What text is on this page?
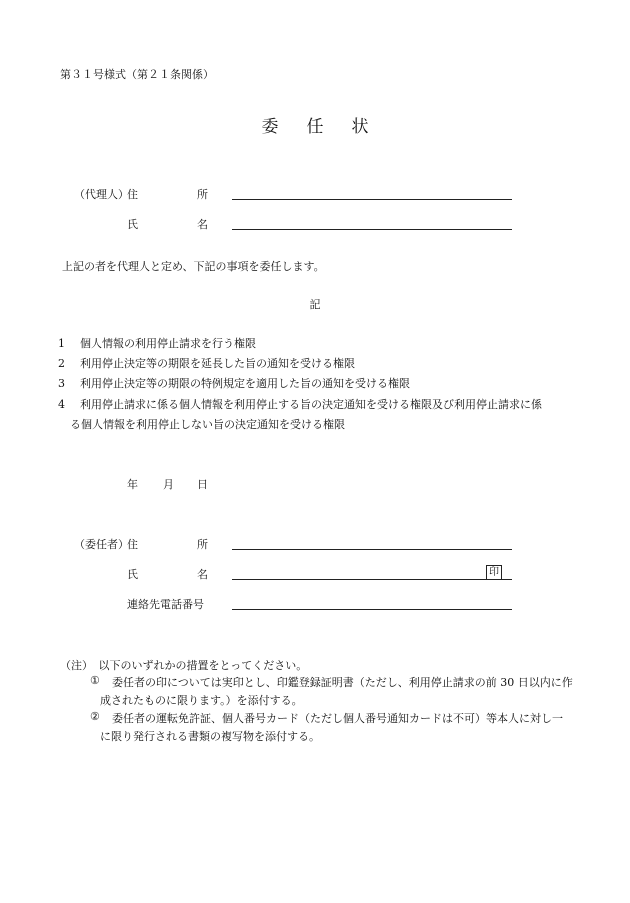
第３１号様式（第２１条関係）
委任状
（代理人）
住	所
氏	名
上記の者を代理人と定め、下記の事項を委任します。
記
1 個人情報の利用停止請求を行う権限
2 利用停止決定等の期限を延長した旨の通知を受ける権限
3 利用停止決定等の期限の特例規定を適用した旨の通知を受ける権限
4 利用停止請求に係る個人情報を利用停止する旨の決定通知を受ける権限及び利用停止請求に係
る個人情報を利用停止しない旨の決定通知を受ける権限
年 月 日
（委任者）
住	所
氏	名	印
連絡先電話番号
（注）　以下のいずれかの措置をとってください。
① 委任者の印については実印とし、印鑑登録証明書（ただし、利用停止請求の前 30 日以内に作
成されたものに限ります。）を添付する。
② 委任者の運転免許証、個人番号カード（ただし個人番号通知カードは不可）等本人に対し一
に限り発行される書類の複写物を添付する。
